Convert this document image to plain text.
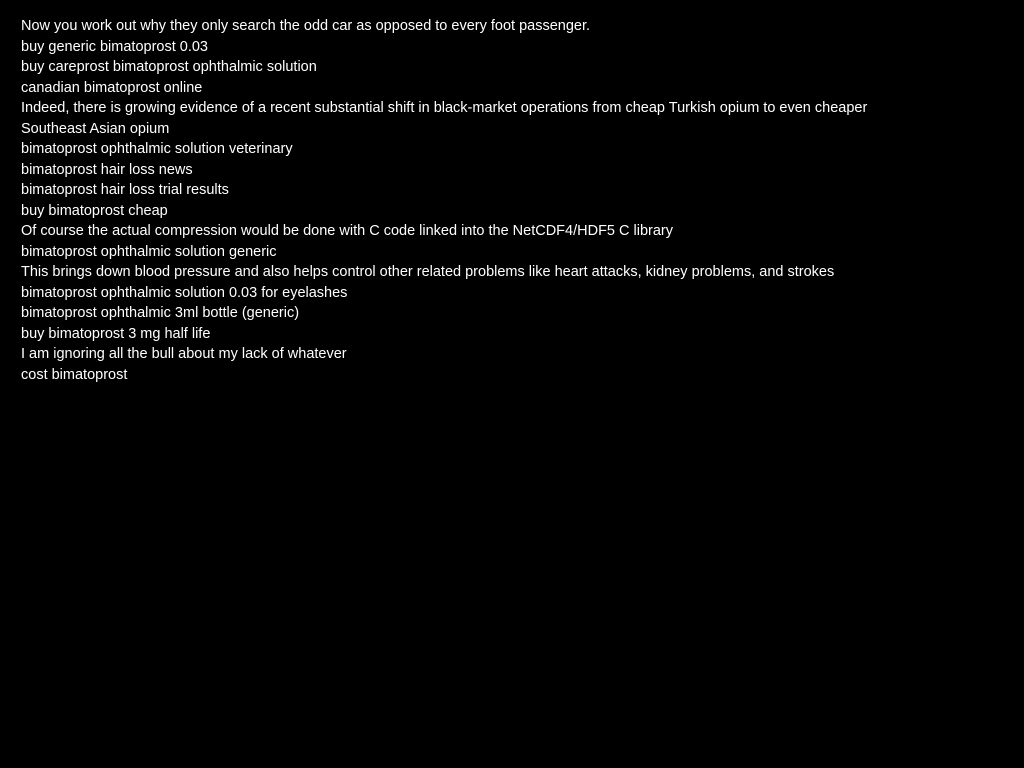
Now you work out why they only search the odd car as opposed to every foot passenger.
buy generic bimatoprost 0.03
buy careprost bimatoprost ophthalmic solution
canadian bimatoprost online
Indeed, there is growing evidence of a recent substantial shift in black-market operations from cheap Turkish opium to even cheaper
Southeast Asian opium
bimatoprost ophthalmic solution veterinary
bimatoprost hair loss news
bimatoprost hair loss trial results
buy bimatoprost cheap
Of course the actual compression would be done with C code linked into the NetCDF4/HDF5 C library
bimatoprost ophthalmic solution generic
This brings down blood pressure and also helps control other related problems like heart attacks, kidney problems, and strokes
bimatoprost ophthalmic solution 0.03 for eyelashes
bimatoprost ophthalmic 3ml bottle (generic)
buy bimatoprost 3 mg half life
I am ignoring all the bull about my lack of whatever
cost bimatoprost
